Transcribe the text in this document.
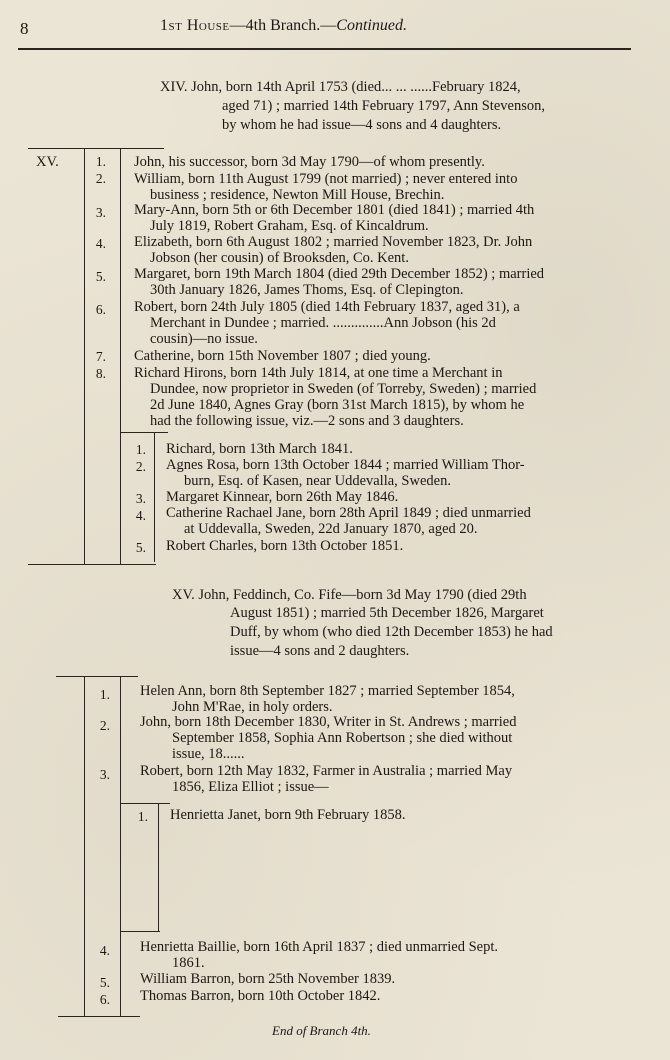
8	1st House—4th Branch.—Continued.
XIV. John, born 14th April 1753 (died... ... ......February 1824,
aged 71) ; married 14th February 1797, Ann Stevenson,
by whom he had issue—4 sons and 4 daughters.
XV.	1. John, his successor, born 3d May 1790—of whom presently.
2. William, born 11th August 1799 (not married) ; never entered into
business ; residence, Newton Mill House, Brechin.
3. Mary-Ann, born 5th or 6th December 1801 (died 1841) ; married 4th
July 1819, Robert Graham, Esq. of Kincaldrum.
4. Elizabeth, born 6th August 1802 ; married November 1823, Dr. John
Jobson (her cousin) of Brooksden, Co. Kent.
5. Margaret, born 19th March 1804 (died 29th December 1852) ; married
30th January 1826, James Thoms, Esq. of Clepington.
6. Robert, born 24th July 1805 (died 14th February 1837, aged 31), a
Merchant in Dundee ; married. ..............Ann Jobson (his 2d
cousin)—no issue.
7. Catherine, born 15th November 1807 ; died young.
8. Richard Hirons, born 14th July 1814, at one time a Merchant in
Dundee, now proprietor in Sweden (of Torreby, Sweden) ; married
2d June 1840, Agnes Gray (born 31st March 1815), by whom he
had the following issue, viz.—2 sons and 3 daughters.
1. Richard, born 13th March 1841.
2. Agnes Rosa, born 13th October 1844 ; married William Thor-
burn, Esq. of Kasen, near Uddevalla, Sweden.
3. Margaret Kinnear, born 26th May 1846.
4. Catherine Rachael Jane, born 28th April 1849 ; died unmarried
at Uddevalla, Sweden, 22d January 1870, aged 20.
5. Robert Charles, born 13th October 1851.
XV. John, Feddinch, Co. Fife—born 3d May 1790 (died 29th
August 1851) ; married 5th December 1826, Margaret
Duff, by whom (who died 12th December 1853) he had
issue—4 sons and 2 daughters.
1. Helen Ann, born 8th September 1827 ; married September 1854,
John M'Rae, in holy orders.
2. John, born 18th December 1830, Writer in St. Andrews ; married
September 1858, Sophia Ann Robertson ; she died without
issue, 18......
3. Robert, born 12th May 1832, Farmer in Australia ; married May
1856, Eliza Elliot ; issue—
1. Henrietta Janet, born 9th February 1858.
4. Henrietta Baillie, born 16th April 1837 ; died unmarried Sept.
1861.
5. William Barron, born 25th November 1839.
6. Thomas Barron, born 10th October 1842.
End of Branch 4th.
